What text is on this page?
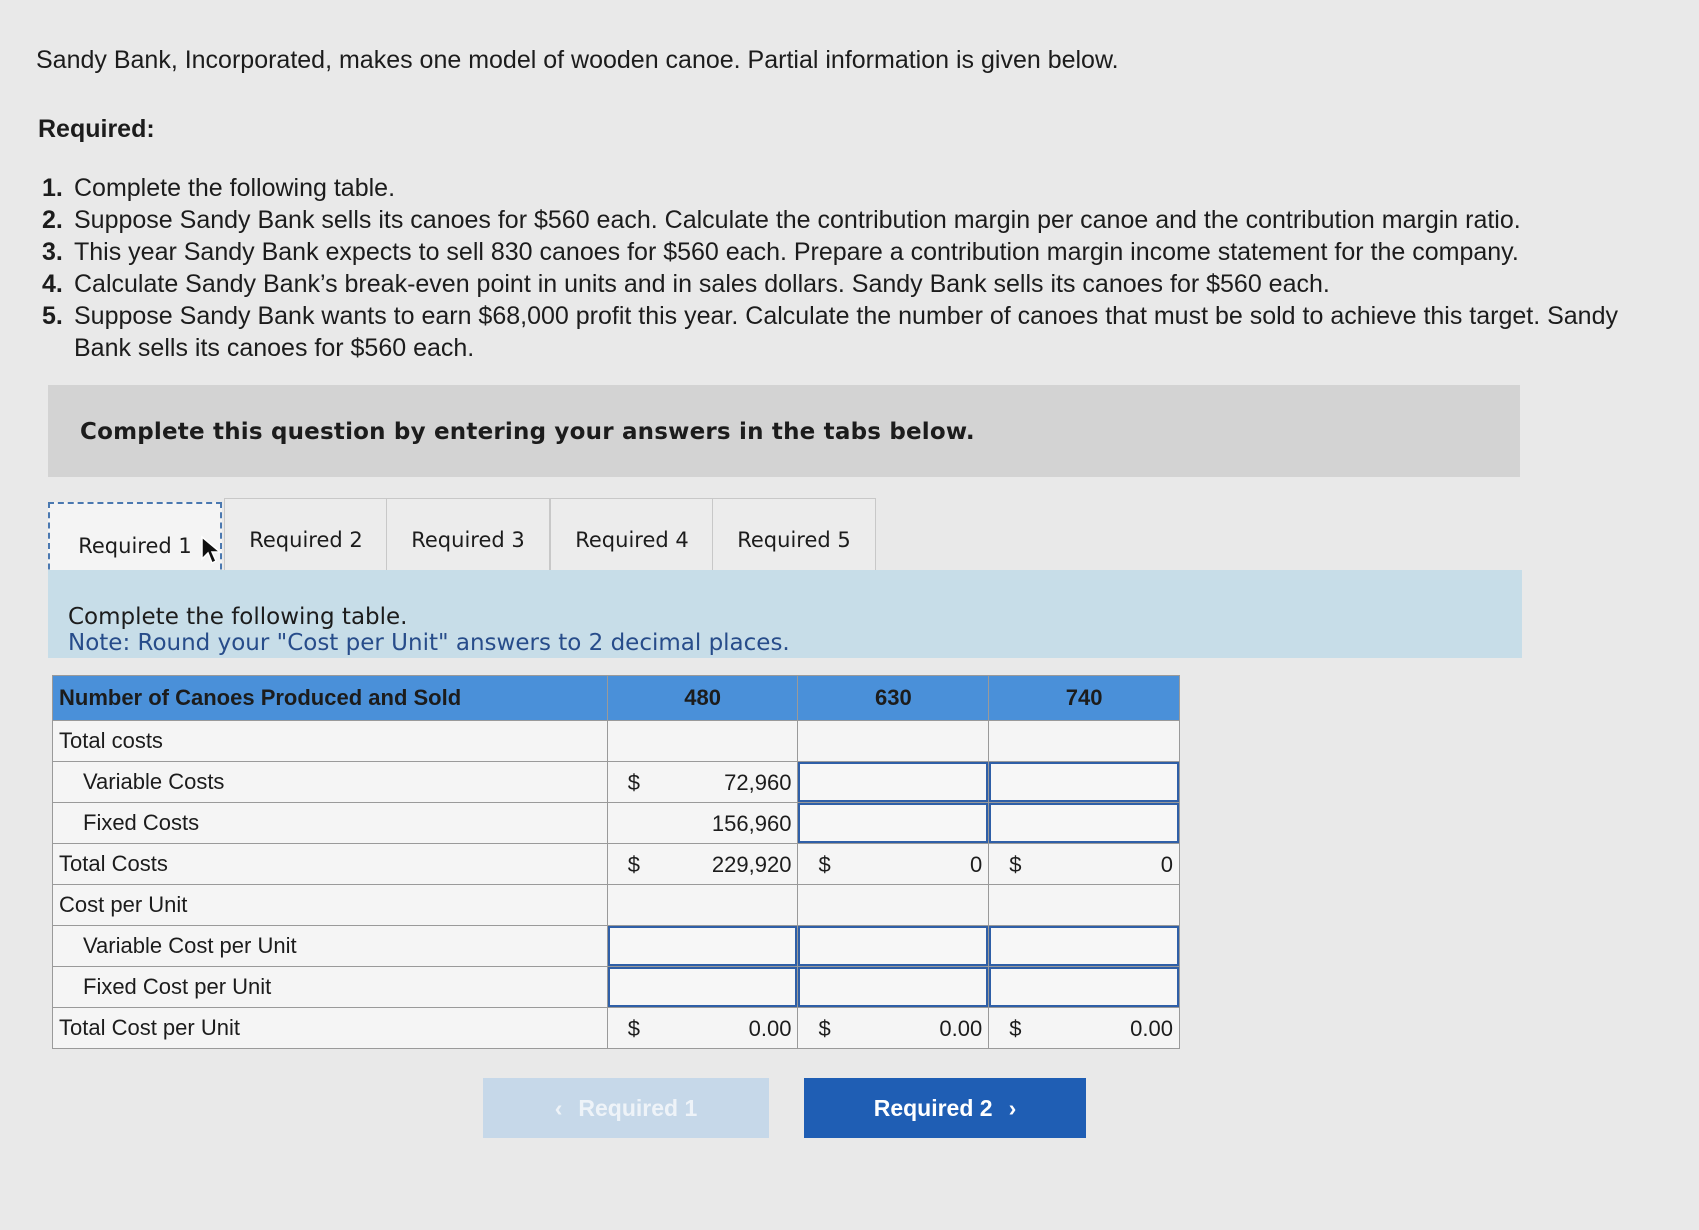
Sandy Bank, Incorporated, makes one model of wooden canoe. Partial information is given below.
Required:
1. Complete the following table.
2. Suppose Sandy Bank sells its canoes for $560 each. Calculate the contribution margin per canoe and the contribution margin ratio.
3. This year Sandy Bank expects to sell 830 canoes for $560 each. Prepare a contribution margin income statement for the company.
4. Calculate Sandy Bank’s break-even point in units and in sales dollars. Sandy Bank sells its canoes for $560 each.
5. Suppose Sandy Bank wants to earn $68,000 profit this year. Calculate the number of canoes that must be sold to achieve this target. Sandy Bank sells its canoes for $560 each.
Complete this question by entering your answers in the tabs below.
Required 1	Required 2	Required 3	Required 4	Required 5
Complete the following table.
Note: Round your "Cost per Unit" answers to 2 decimal places.
Number of Canoes Produced and Sold	480	630	740
Total costs			
Variable Costs	$ 72,960		

Fixed Costs	156,960		

Total Costs	$ 229,920	$ 0	$ 0

Cost per Unit			
Variable Cost per Unit			
Fixed Cost per Unit			
Total Cost per Unit	$ 0.00	$ 0.00	$ 0.00
‹ Required 1	Required 2 ›
